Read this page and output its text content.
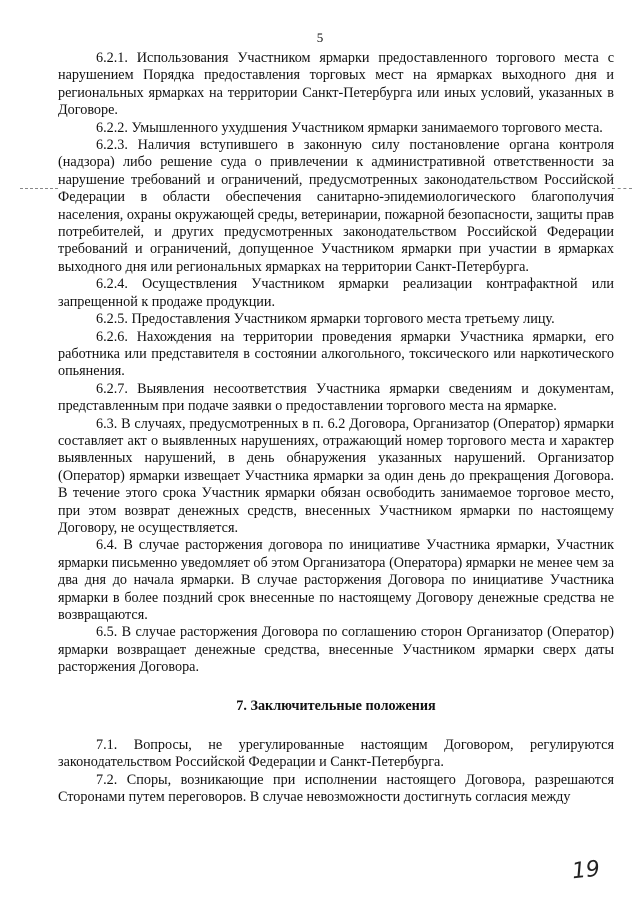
5

6.2.1. Использования Участником ярмарки предоставленного торгового места с нарушением Порядка предоставления торговых мест на ярмарках выходного дня и региональных ярмарках на территории Санкт-Петербурга или иных условий, указанных в Договоре.

6.2.2. Умышленного ухудшения Участником ярмарки занимаемого торгового места.

6.2.3. Наличия вступившего в законную силу постановление органа контроля (надзора) либо решение суда о привлечении к административной ответственности за нарушение требований и ограничений, предусмотренных законодательством Российской Федерации в области обеспечения санитарно-эпидемиологического благополучия населения, охраны окружающей среды, ветеринарии, пожарной безопасности, защиты прав потребителей, и других предусмотренных законодательством Российской Федерации требований и ограничений, допущенное Участником ярмарки при участии в ярмарках выходного дня или региональных ярмарках на территории Санкт-Петербурга.

6.2.4. Осуществления Участником ярмарки реализации контрафактной или запрещенной к продаже продукции.

6.2.5. Предоставления Участником ярмарки торгового места третьему лицу.

6.2.6. Нахождения на территории проведения ярмарки Участника ярмарки, его работника или представителя в состоянии алкогольного, токсического или наркотического опьянения.

6.2.7. Выявления несоответствия Участника ярмарки сведениям и документам, представленным при подаче заявки о предоставлении торгового места на ярмарке.

6.3. В случаях, предусмотренных в п. 6.2 Договора, Организатор (Оператор) ярмарки составляет акт о выявленных нарушениях, отражающий номер торгового места и характер выявленных нарушений, в день обнаружения указанных нарушений. Организатор (Оператор) ярмарки извещает Участника ярмарки за один день до прекращения Договора. В течение этого срока Участник ярмарки обязан освободить занимаемое торговое место, при этом возврат денежных средств, внесенных Участником ярмарки по настоящему Договору, не осуществляется.

6.4. В случае расторжения договора по инициативе Участника ярмарки, Участник ярмарки письменно уведомляет об этом Организатора (Оператора) ярмарки не менее чем за два дня до начала ярмарки. В случае расторжения Договора по инициативе Участника ярмарки в более поздний срок внесенные по настоящему Договору денежные средства не возвращаются.

6.5. В случае расторжения Договора по соглашению сторон Организатор (Оператор) ярмарки возвращает денежные средства, внесенные Участником ярмарки сверх даты расторжения Договора.

7. Заключительные положения

7.1. Вопросы, не урегулированные настоящим Договором, регулируются законодательством Российской Федерации и Санкт-Петербурга.

7.2. Споры, возникающие при исполнении настоящего Договора, разрешаются Сторонами путем переговоров. В случае невозможности достигнуть согласия между

19
